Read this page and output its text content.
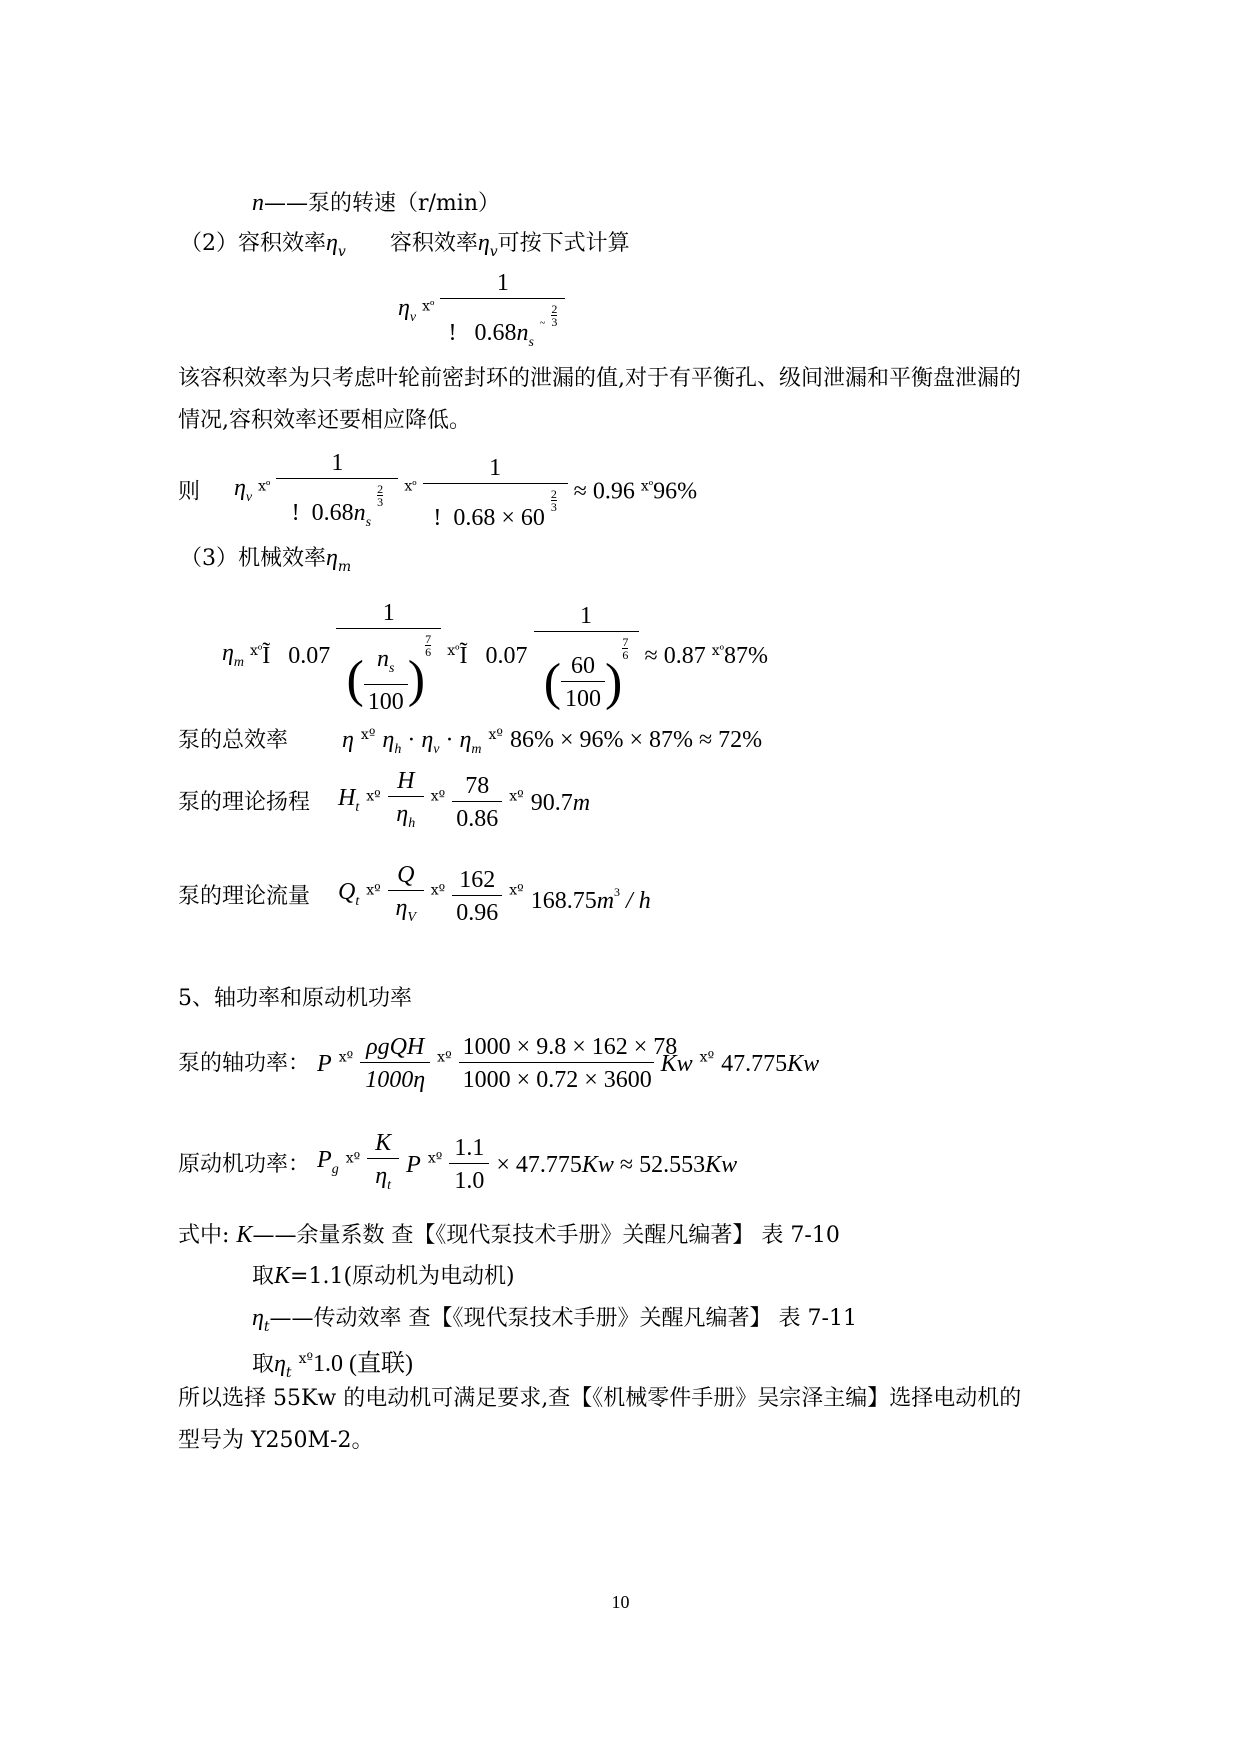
n——泵的转速（r/min）
（2）容积效率$\eta_v$ 容积效率$\eta_v$可按下式计算
$\eta_v$ $^{ⅹº} \frac{1}{! 0.68n_s \sim \frac{2}{3}}$
该容积效率为只考虑叶轮前密封环的泄漏的值,对于有平衡孔、级间泄漏和平衡盘泄漏的
情况,容积效率还要相应降低。
则 $\eta_v$ $^{ⅹº}$ 1
! $0.68n_s$
$\frac{2}{3} ^{ⅹº}$ 1
! 0.68 × 60
$\frac{2}{3} \approx 0.96$ $^{ⅹº}$96%
（3）机械效率$\eta_m$
$\eta_m$ $^{ⅹº}$Ĩ 0.07 1
( $\frac{n_s}{100}$ )
$\frac{7}{6}$ $^{ⅹº}$Ĩ 0.07 1
( $\frac{60}{100}$ )
$\frac{7}{6} \approx 0.87$ $^{ⅹº}$87%
泵的总效率 η $^{ⅹº}$ $\eta_h \cdot \eta_v \cdot \eta_m$ $^{ⅹº}$ 86% × 96% × 87% ≈ 72%
泵的理论扬程 $H_t$ $^{ⅹº} \frac{H}{\eta_h} ^{ⅹº} \frac{78}{0.86} ^{ⅹº}$ 90.7m
泵的理论流量 $Q_t$ $^{ⅹº} \frac{Q}{\eta_V} ^{ⅹº} \frac{162}{0.96} ^{ⅹº}$ $168.75m^3$ / h
5、轴功率和原动机功率
泵的轴功率： P $^{ⅹº} \frac{\text{ρgQH}}{1000\eta} ^{ⅹº} \frac{1000 \times 9.8 \times 162 \times 78}{1000 \times 0.72 \times 3600}$ Kw $^{ⅹº}$ 47.775Kw
原动机功率： $P_g$ $^{ⅹº} \frac{K}{\eta_t}$ P $^{ⅹº} \frac{1.1}{1.0} \times 47.775Kw \approx 52.553Kw$
式中: K——余量系数 查【《现代泵技术手册》关醒凡编著】 表 7-10
取K=1.1(原动机为电动机)
$\eta_t——$传动效率 查【《现代泵技术手册》关醒凡编著】 表 7-11
取$\eta_t$ $^{ⅹº}$1.0 (直联)
所以选择 55Kw 的电动机可满足要求,查【《机械零件手册》吴宗泽主编】选择电动机的
型号为 Y250M-2。
10
